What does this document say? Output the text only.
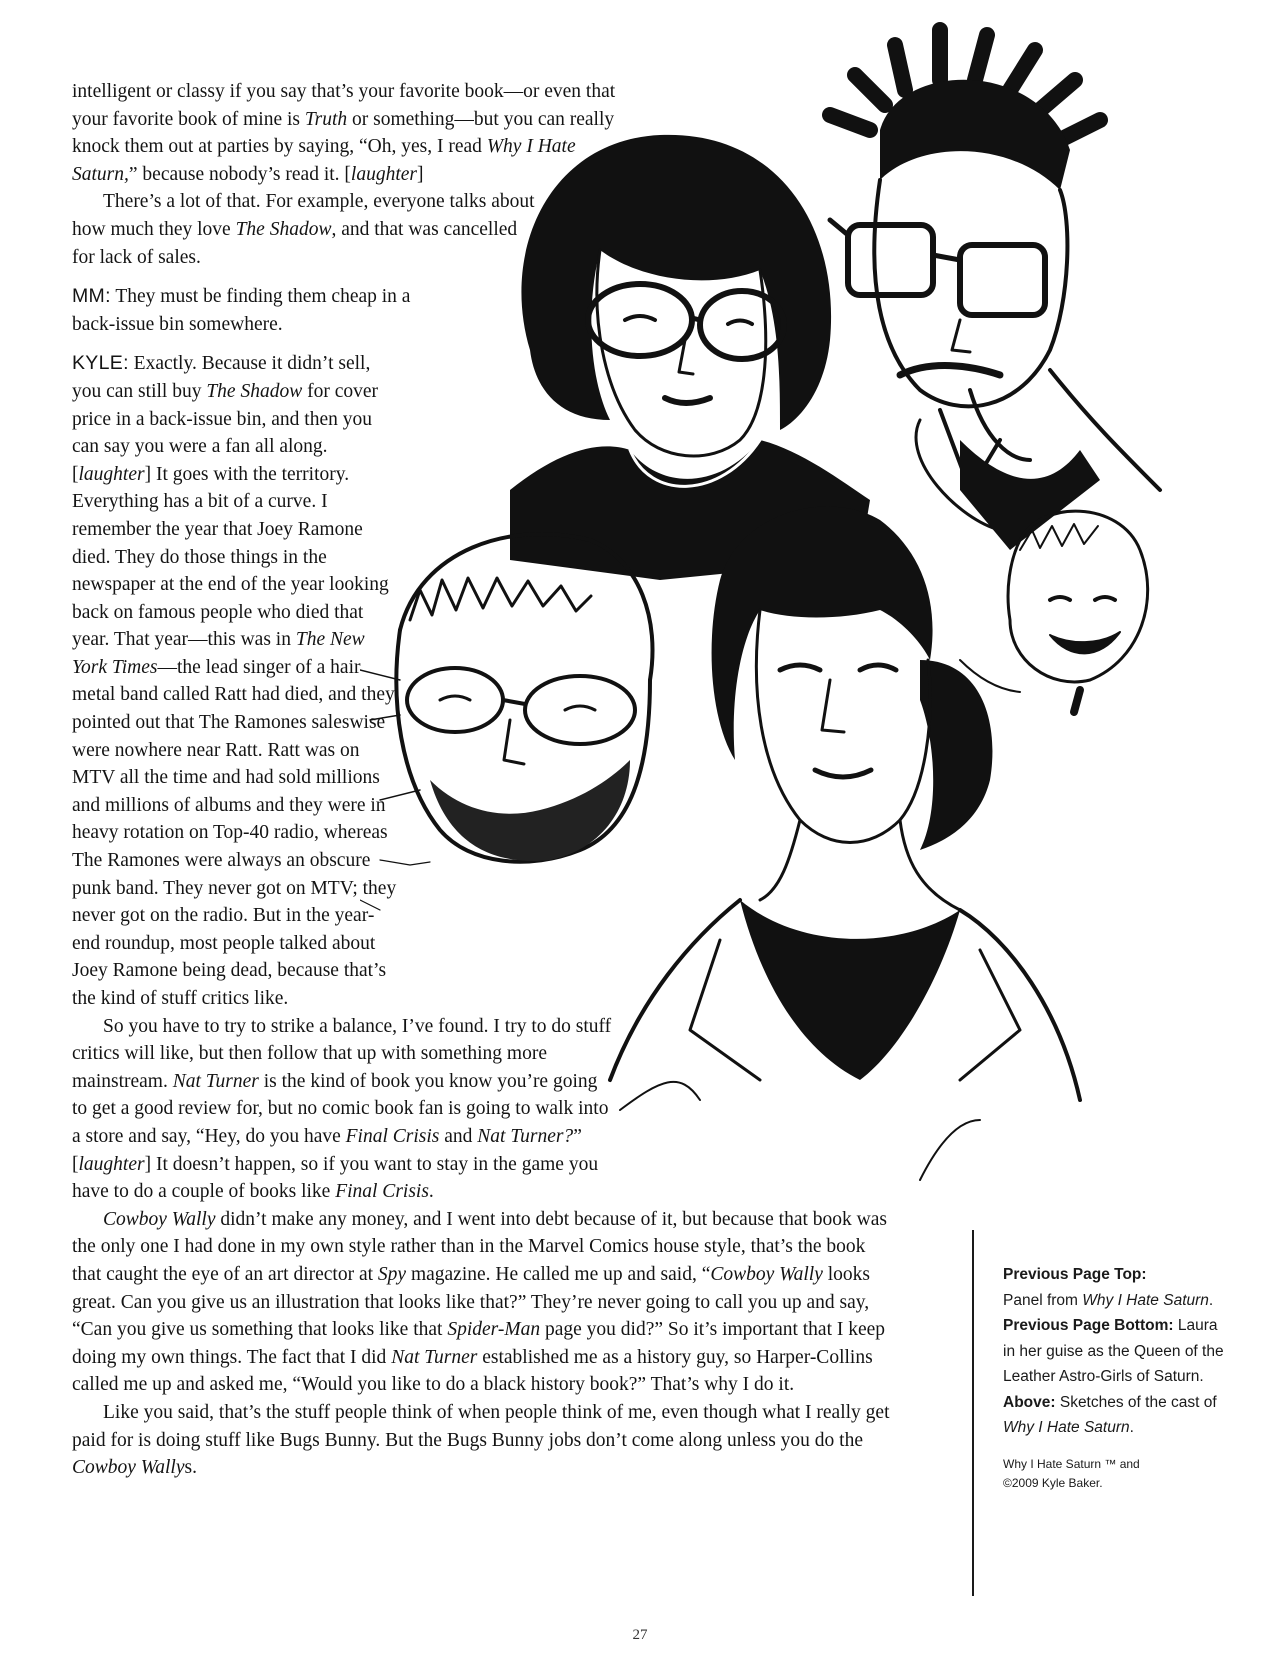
intelligent or classy if you say that’s your favorite book—or even that your favorite book of mine is Truth or something—but you can really knock them out at parties by saying, “Oh, yes, I read Why I Hate Saturn,” because nobody’s read it. [laughter]

There’s a lot of that. For example, everyone talks about how much they love The Shadow, and that was cancelled for lack of sales.

MM: They must be finding them cheap in a back-issue bin somewhere.

KYLE: Exactly. Because it didn’t sell, you can still buy The Shadow for cover price in a back-issue bin, and then you can say you were a fan all along. [laughter] It goes with the territory. Everything has a bit of a curve. I remember the year that Joey Ramone died. They do those things in the newspaper at the end of the year looking back on famous people who died that year. That year—this was in The New York Times—the lead singer of a hair metal band called Ratt had died, and they pointed out that The Ramones saleswise were nowhere near Ratt. Ratt was on MTV all the time and had sold millions and millions of albums and they were in heavy rotation on Top-40 radio, whereas The Ramones were always an obscure punk band. They never got on MTV; they never got on the radio. But in the year-end roundup, most people talked about Joey Ramone being dead, because that’s the kind of stuff critics like.

So you have to try to strike a balance, I’ve found. I try to do stuff critics will like, but then follow that up with something more mainstream. Nat Turner is the kind of book you know you’re going to get a good review for, but no comic book fan is going to walk into a store and say, “Hey, do you have Final Crisis and Nat Turner?” [laughter] It doesn’t happen, so if you want to stay in the game you have to do a couple of books like Final Crisis.

Cowboy Wally didn’t make any money, and I went into debt because of it, but because that book was the only one I had done in my own style rather than in the Marvel Comics house style, that’s the book that caught the eye of an art director at Spy magazine. He called me up and said, “Cowboy Wally looks great. Can you give us an illustration that looks like that?” They’re never going to call you up and say, “Can you give us something that looks like that Spider-Man page you did?” So it’s important that I keep doing my own things. The fact that I did Nat Turner established me as a history guy, so Harper-Collins called me up and asked me, “Would you like to do a black history book?” That’s why I do it.

Like you said, that’s the stuff people think of when people think of me, even though what I really get paid for is doing stuff like Bugs Bunny. But the Bugs Bunny jobs don’t come along unless you do the Cowboy Wallys.

Previous Page Top:
Panel from Why I Hate Saturn.

Previous Page Bottom: Laura in her guise as the Queen of the Leather Astro-Girls of Saturn.

Above: Sketches of the cast of Why I Hate Saturn.

Why I Hate Saturn ™ and
©2009 Kyle Baker.

27
